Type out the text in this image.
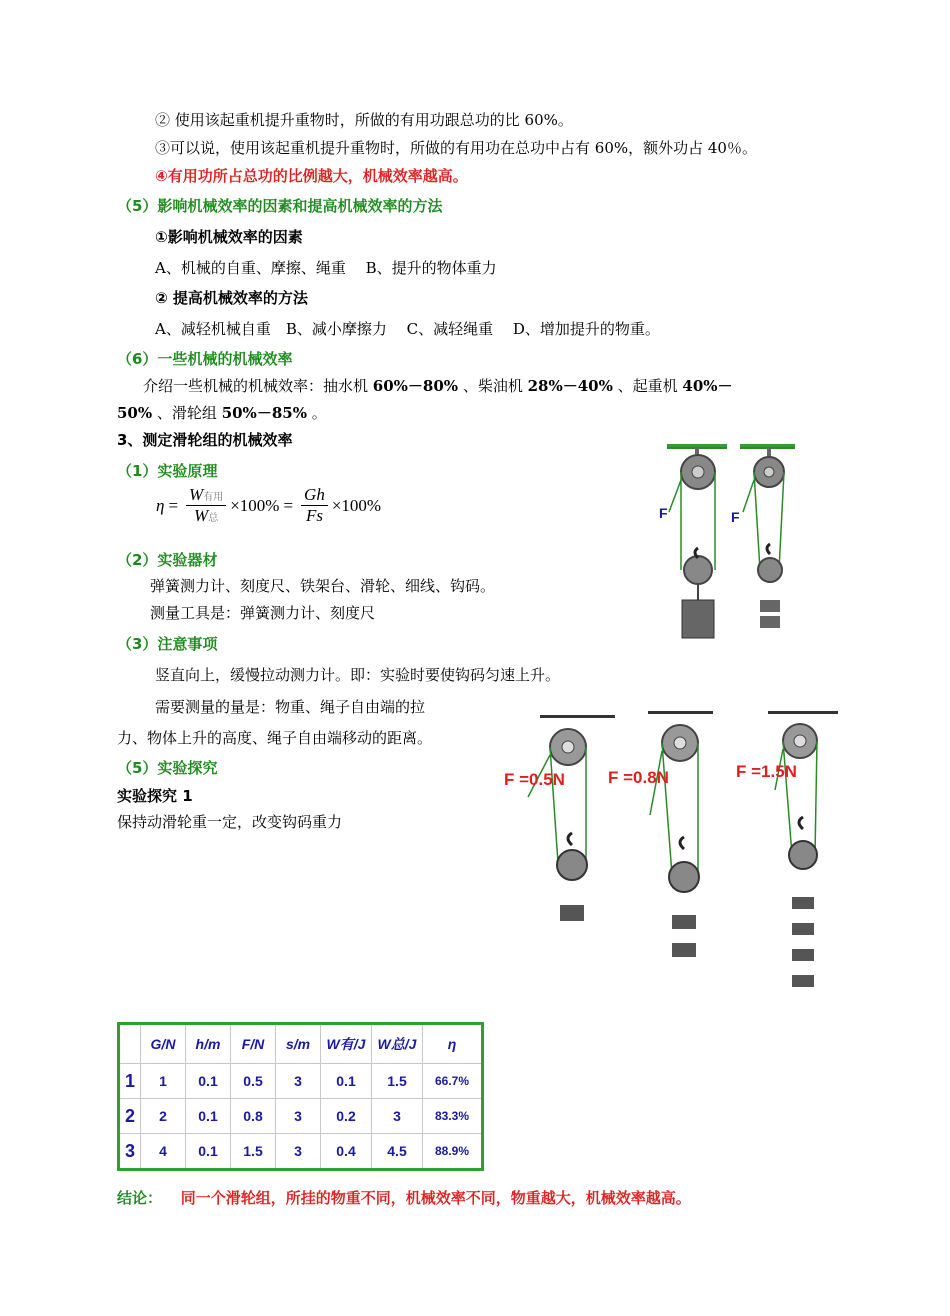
② 使用该起重机提升重物时，所做的有用功跟总功的比 60%。
③可以说，使用该起重机提升重物时，所做的有用功在总功中占有 60%，额外功占 40％。
④有用功所占总功的比例越大，机械效率越高。
（5）影响机械效率的因素和提高机械效率的方法
①影响机械效率的因素
A、机械的自重、摩擦、绳重　 B、提升的物体重力
② 提高机械效率的方法
A、减轻机械自重　B、减小摩擦力　 C、减轻绳重　 D、增加提升的物重。
（6）一些机械的机械效率
介绍一些机械的机械效率：抽水机 60%－80% 、柴油机 28%－40% 、起重机 40%－
50% 、滑轮组 50%－85% 。
3、测定滑轮组的机械效率
（1）实验原理
$\eta = \frac{\text{W有用}}{\text{W总}} \times 100\% = \frac{Gh}{Fs} \times 100\%$
（2）实验器材
弹簧测力计、刻度尺、铁架台、滑轮、细线、钩码。
测量工具是：弹簧测力计、刻度尺
（3）注意事项
竖直向上，缓慢拉动测力计。即：实验时要使钩码匀速上升。
需要测量的量是：物重、绳子自由端的拉
力、物体上升的高度、绳子自由端移动的距离。
（5）实验探究
实验探究 1
保持动滑轮重一定，改变钩码重力
F	F
F =0.5N	F =0.8N	F =1.5N
	G/N	h/m	F/N	s/m	W有/J	W总/J	η
1	1	0.1	0.5	3	0.1	1.5	66.7%
2	2	0.1	0.8	3	0.2	3	83.3%
3	4	0.1	1.5	3	0.4	4.5	88.9%
结论： 同一个滑轮组，所挂的物重不同，机械效率不同，物重越大，机械效率越高。
